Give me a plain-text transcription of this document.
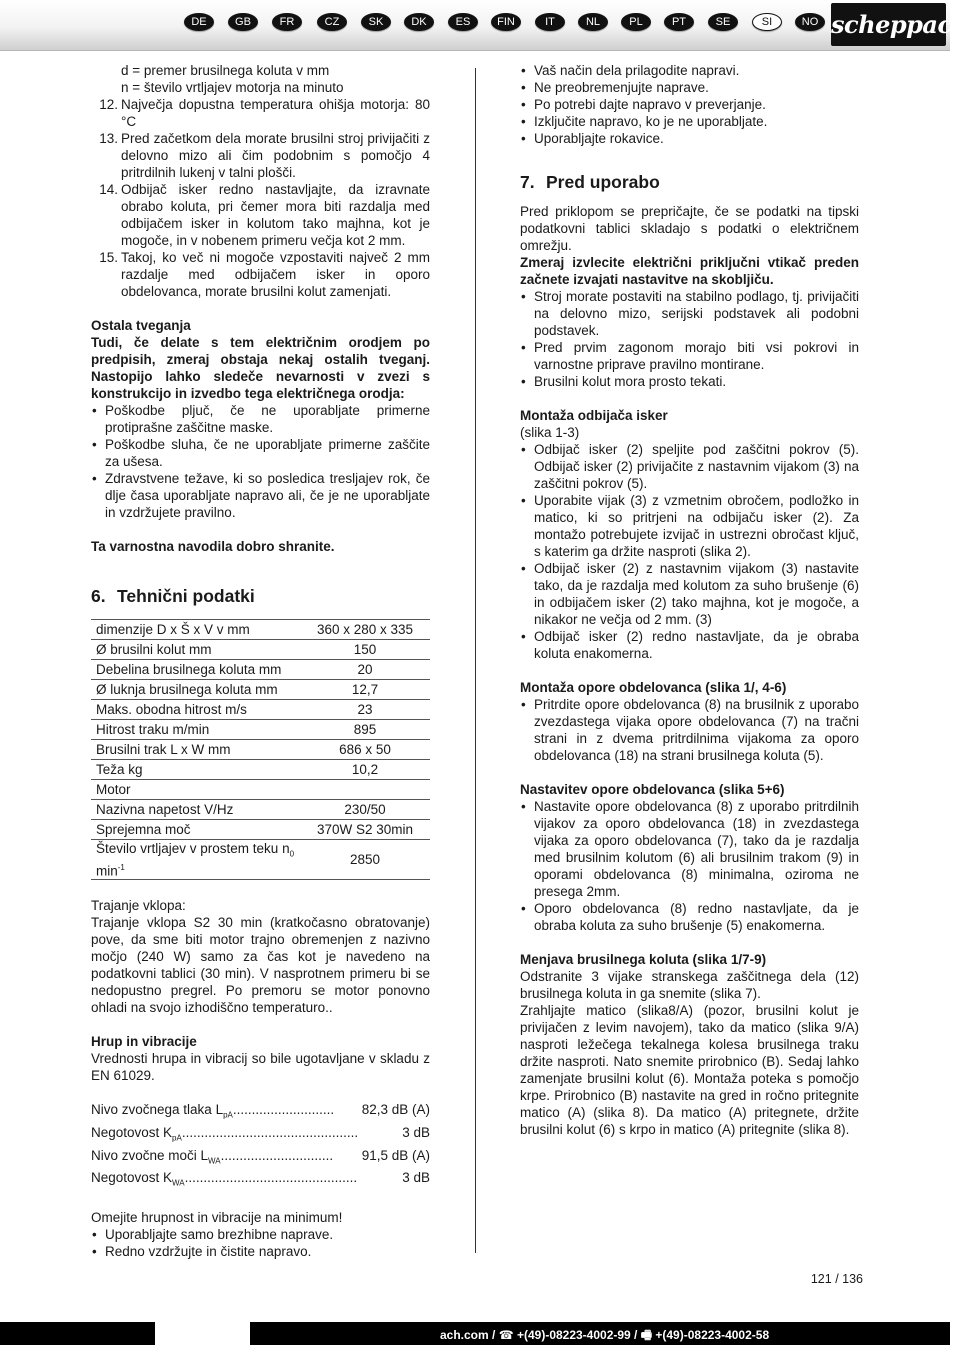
DE	GB	FR	CZ	SK	DK	ES	FIN	IT	NL	PL	PT	SE	SI	NO scheppach

d = premer brusilnega koluta v mm

n = število vrtljajev motorja na minuto

12. Največja dopustna temperatura ohišja motorja: 80 °C
13. Pred začetkom dela morate brusilni stroj privijačiti z delovno mizo ali čim podobnim s pomočjo 4 pritrdilnih lukenj v talni plošči.
14. Odbijač isker redno nastavljajte, da izravnate obrabo koluta, pri čemer mora biti razdalja med odbijačem isker in kolutom tako majhna, kot je mogoče, in v nobenem primeru večja kot 2 mm.
15. Takoj, ko več ni mogoče vzpostaviti največ 2 mm razdalje med odbijačem isker in oporo obdelovanca, morate brusilni kolut zamenjati.
Ostala tveganja

Tudi, če delate s tem električnim orodjem po predpisih, zmeraj obstaja nekaj ostalih tveganj. Nastopijo lahko sledeče nevarnosti v zvezi s konstrukcijo in izvedbo tega električnega orodja:

• Poškodbe pljuč, če ne uporabljate primerne protiprašne zaščitne maske.
• Poškodbe sluha, če ne uporabljate primerne zaščite za ušesa.
• Zdravstvene težave, ki so posledica tresljajev rok, če dlje časa uporabljate napravo ali, če je ne uporabljate in vzdržujete pravilno.

Ta varnostna navodila dobro shranite.

6. Tehnični podatki
dimenzije D x Š x V v mm	360 x 280 x 335
Ø brusilni kolut mm	150
Debelina brusilnega koluta mm	20
Ø luknja brusilnega koluta mm	12,7
Maks. obodna hitrost m/s	23
Hitrost traku m/min	895
Brusilni trak L x W mm	686 x 50
Teža kg	10,2
Motor	
Nazivna napetost V/Hz	230/50
Sprejemna moč	370W S2 30min
Število vrtljajev v prostem teku $n_0$
$\min^{-1}$	2850

Trajanje vklopa:

Trajanje vklopa S2 30 min (kratkočasno obratovanje) pove, da sme biti motor trajno obremenjen z nazivno močjo (240 W) samo za čas kot je navedeno na podatkovni tablici (30 min). V nasprotnem primeru bi se nedopustno pregrel. Po premoru se motor ponovno ohladi na svojo izhodiščno temperaturo..

Hrup in vibracije

Vrednosti hrupa in vibracij so bile ugotavljane v skladu z EN 61029.

Nivo zvočnega tlaka $L_{pA}$ ...........................	82,3 dB (A)
Negotovost $K_{pA}$ ...............................................	3 dB
Nivo zvočne moči $L_{WA}$ ..............................	91,5 dB (A)
Negotovost $K_{WA}$ ..............................................	3 dB

Omejite hrupnost in vibracije na minimum!

• Uporabljajte samo brezhibne naprave.
• Redno vzdržujte in čistite napravo.
• Vaš način dela prilagodite napravi.
• Ne preobremenjujte naprave.
• Po potrebi dajte napravo v preverjanje.
• Izključite napravo, ko je ne uporabljate.
• Uporabljajte rokavice.
7. Pred uporabo

Pred priklopom se prepričajte, če se podatki na tipski podatkovni tablici skladajo s podatki o električnem omrežju.

Zmeraj izvlecite električni priključni vtikač preden začnete izvajati nastavitve na skobljiču.

• Stroj morate postaviti na stabilno podlago, tj. privijačiti na delovno mizo, serijski podstavek ali podobni podstavek.
• Pred prvim zagonom morajo biti vsi pokrovi in varnostne priprave pravilno montirane.
• Brusilni kolut mora prosto tekati.
Montaža odbijača isker

(slika 1-3)

• Odbijač isker (2) speljite pod zaščitni pokrov (5). Odbijač isker (2) privijačite z nastavnim vijakom (3) na zaščitni pokrov (5).
• Uporabite vijak (3) z vzmetnim obročem, podložko in matico, ki so pritrjeni na odbijaču isker (2). Za montažo potrebujete izvijač in ustrezni obročast ključ, s katerim ga držite nasproti (slika 2).
• Odbijač isker (2) z nastavnim vijakom (3) nastavite tako, da je razdalja med kolutom za suho brušenje (6) in odbijačem isker (2) tako majhna, kot je mogoče, a nikakor ne večja od 2 mm. (3)
• Odbijač isker (2) redno nastavljate, da je obraba koluta enakomerna.
Montaža opore obdelovanca (slika 1/, 4-6)
• Pritrdite opore obdelovanca (8) na brusilnik z uporabo zvezdastega vijaka opore obdelovanca (7) na tračni strani in z dvema pritrdilnima vijakoma za oporo obdelovanca (18) na strani brusilnega koluta (5).
Nastavitev opore obdelovanca (slika 5+6)
• Nastavite opore obdelovanca (8) z uporabo pritrdilnih vijakov za oporo obdelovanca (18) in zvezdastega vijaka za oporo obdelovanca (7), tako da je razdalja med brusilnim kolutom (6) ali brusilnim trakom (9) in oporami obdelovanca (8) minimalna, oziroma ne presega 2mm.
• Oporo obdelovanca (8) redno nastavljate, da je obraba koluta za suho brušenje (5) enakomerna.
Menjava brusilnega koluta (slika 1/7-9)

Odstranite 3 vijake stranskega zaščitnega dela (12) brusilnega koluta in ga snemite (slika 7).

Zrahljajte matico (slika8/A) (pozor, brusilni kolut je privijačen z levim navojem), tako da matico (slika 9/A) nasproti ležečega tekalnega kolesa brusilnega traku držite nasproti. Nato snemite prirobnico (B). Sedaj lahko zamenjate brusilni kolut (6). Montaža poteka s pomočjo krpe. Prirobnico (B) nastavite na gred in ročno pritegnite matico (A) (slika 8). Da matico (A) pritegnete, držite brusilni kolut (6) s krpo in matico (A) pritegnite (slika 8).

121 / 136
ach.com / ☎ +(49)-08223-4002-99 / 🖷 +(49)-08223-4002-58
